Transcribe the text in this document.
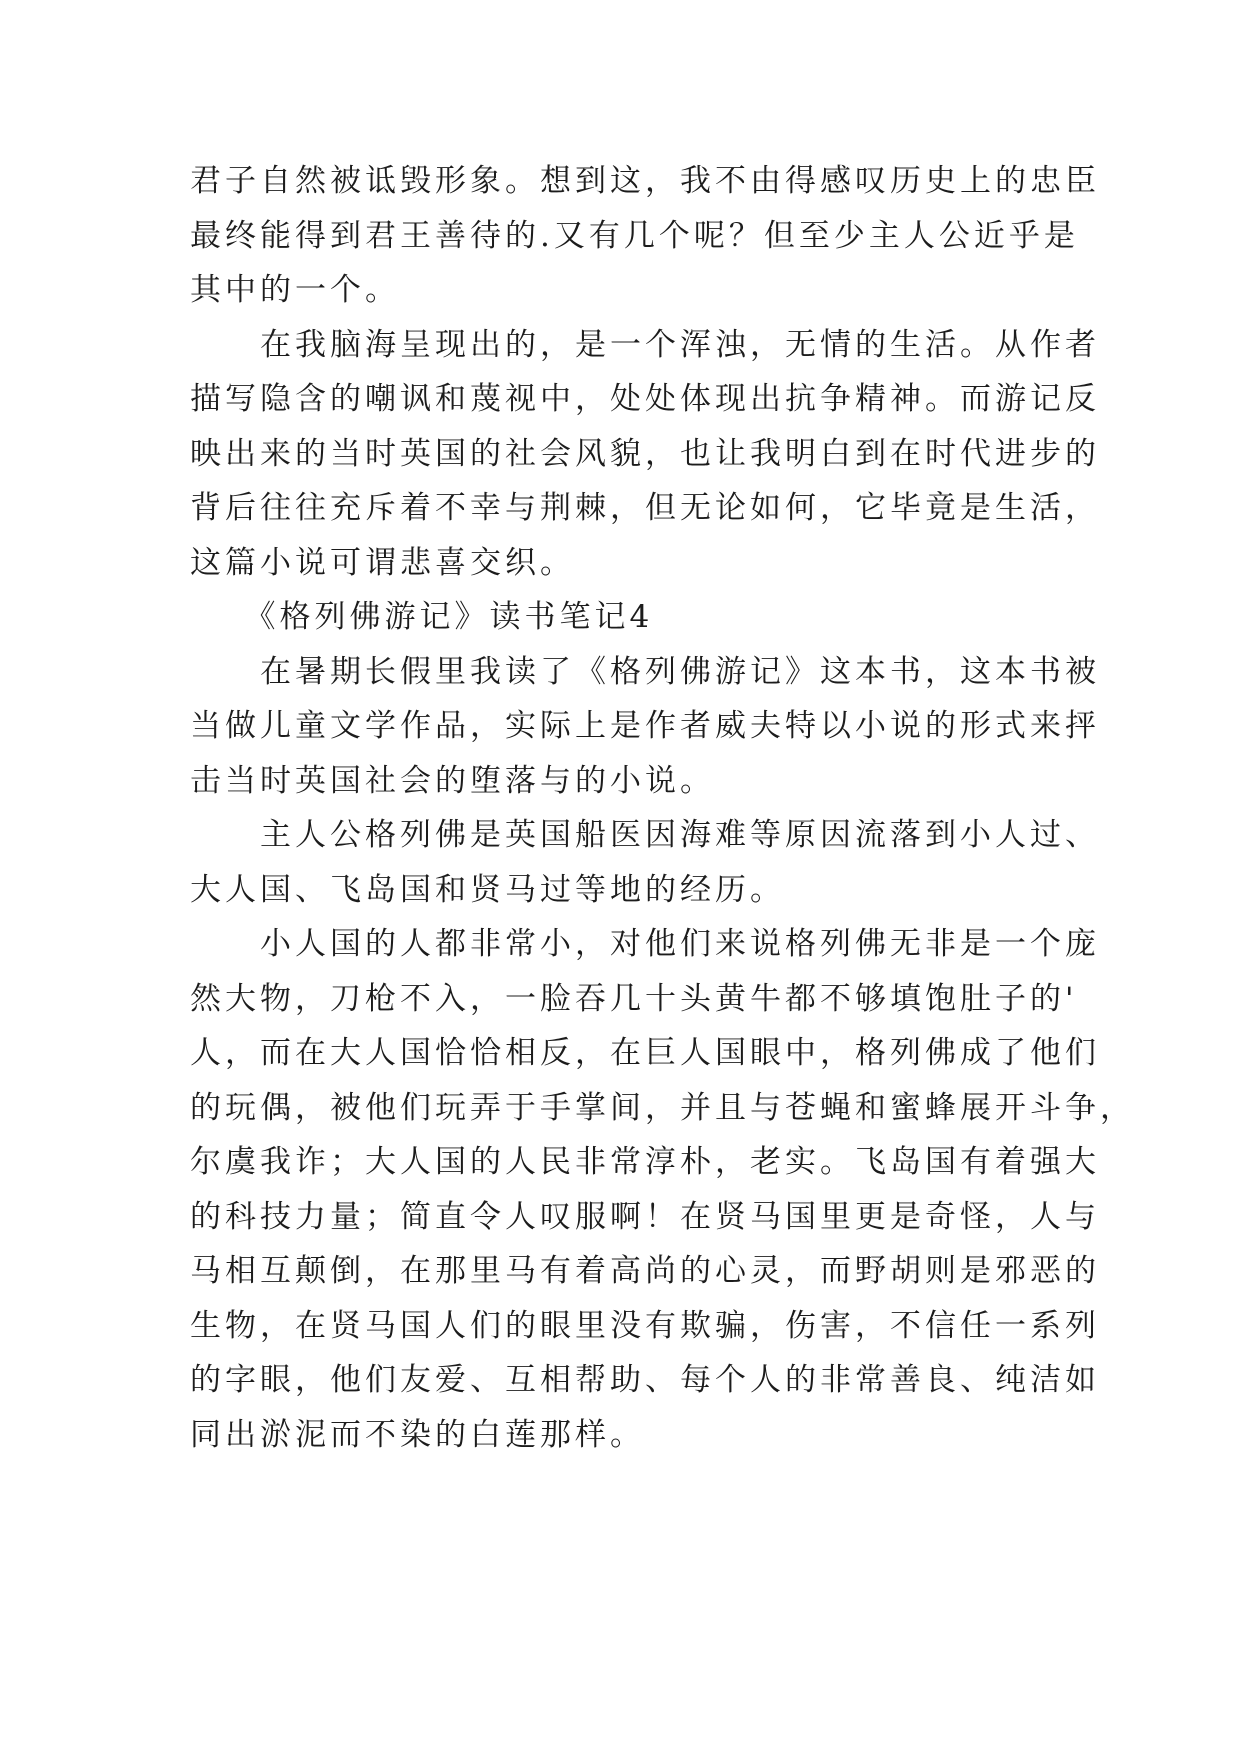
君子自然被诋毁形象。想到这，我不由得感叹历史上的忠臣
最终能得到君王善待的.又有几个呢？但至少主人公近乎是
其中的一个。
　　在我脑海呈现出的，是一个浑浊，无情的生活。从作者
描写隐含的嘲讽和蔑视中，处处体现出抗争精神。而游记反
映出来的当时英国的社会风貌，也让我明白到在时代进步的
背后往往充斥着不幸与荆棘，但无论如何，它毕竟是生活，
这篇小说可谓悲喜交织。
　　《格列佛游记》读书笔记4
　　在暑期长假里我读了《格列佛游记》这本书，这本书被
当做儿童文学作品，实际上是作者威夫特以小说的形式来抨
击当时英国社会的堕落与的小说。
　　主人公格列佛是英国船医因海难等原因流落到小人过、
大人国、飞岛国和贤马过等地的经历。
　　小人国的人都非常小，对他们来说格列佛无非是一个庞
然大物，刀枪不入，一脸吞几十头黄牛都不够填饱肚子的'
人，而在大人国恰恰相反，在巨人国眼中，格列佛成了他们
的玩偶，被他们玩弄于手掌间，并且与苍蝇和蜜蜂展开斗争，
尔虞我诈；大人国的人民非常淳朴，老实。飞岛国有着强大
的科技力量；简直令人叹服啊！在贤马国里更是奇怪，人与
马相互颠倒，在那里马有着高尚的心灵，而野胡则是邪恶的
生物，在贤马国人们的眼里没有欺骗，伤害，不信任一系列
的字眼，他们友爱、互相帮助、每个人的非常善良、纯洁如
同出淤泥而不染的白莲那样。
